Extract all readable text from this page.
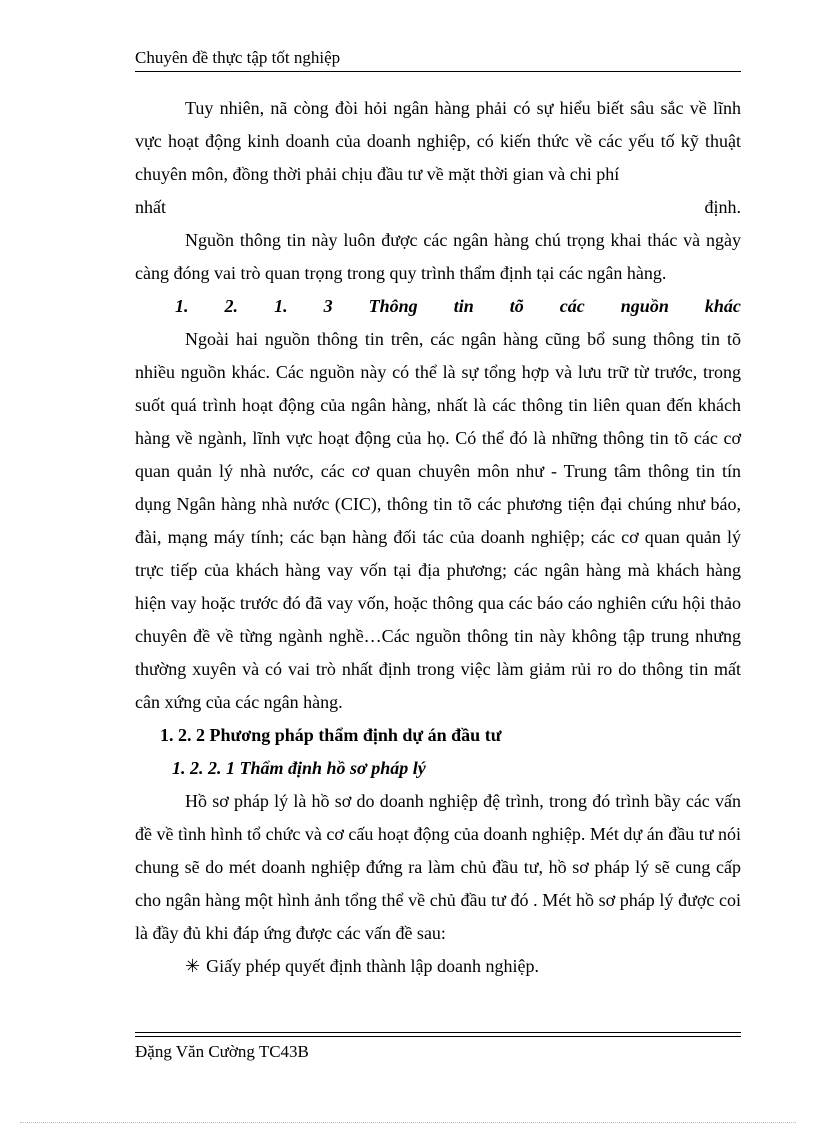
Chuyên đề thực tập tốt nghiệp

Tuy nhiên, nã còng đòi hỏi ngân hàng phải có sự hiểu biết sâu sắc về lĩnh vực hoạt động kinh doanh của doanh nghiệp, có kiến thức về các yếu tố kỹ thuật chuyên môn, đồng thời phải chịu đầu tư về mặt thời gian và chi phí

nhất	định.

Nguồn thông tin này luôn được các ngân hàng chú trọng khai thác và ngày càng đóng vai trò quan trọng trong quy trình thẩm định tại các ngân hàng.

1. 2. 1. 3 Thông tin tõ các nguồn khác

Ngoài hai nguồn thông tin trên, các ngân hàng cũng bổ sung thông tin tõ nhiều nguồn khác. Các nguồn này có thể là sự tổng hợp và lưu trữ từ trước, trong suốt quá trình hoạt động của ngân hàng, nhất là các thông tin liên quan đến khách hàng về ngành, lĩnh vực hoạt động của họ. Có thể đó là những thông tin tõ các cơ quan quản lý nhà nước, các cơ quan chuyên môn như - Trung tâm thông tin tín dụng Ngân hàng nhà nước (CIC), thông tin tõ các phương tiện đại chúng như báo, đài, mạng máy tính; các bạn hàng đối tác của doanh nghiệp; các cơ quan quản lý trực tiếp của khách hàng vay vốn tại địa phương; các ngân hàng mà khách hàng hiện vay hoặc trước đó đã vay vốn, hoặc thông qua các báo cáo nghiên cứu hội thảo chuyên đề về từng ngành nghề…Các nguồn thông tin này không tập trung nhưng thường xuyên và có vai trò nhất định trong việc làm giảm rủi ro do thông tin mất cân xứng của các ngân hàng.

1. 2. 2 Phương pháp thẩm định dự án đầu tư

1. 2. 2. 1 Thẩm định hồ sơ pháp lý

Hồ sơ pháp lý là hồ sơ do doanh nghiệp đệ trình, trong đó trình bầy các vấn đề về tình hình tổ chức và cơ cấu hoạt động của doanh nghiệp. Mét dự án đầu tư nói chung sẽ do mét doanh nghiệp đứng ra làm chủ đầu tư, hồ sơ pháp lý sẽ cung cấp cho ngân hàng một hình ảnh tổng thể về chủ đầu tư đó . Mét hồ sơ pháp lý được coi là đầy đủ khi đáp ứng được các vấn đề sau:

✳ Giấy phép quyết định thành lập doanh nghiệp.

Đặng Văn Cường TC43B
